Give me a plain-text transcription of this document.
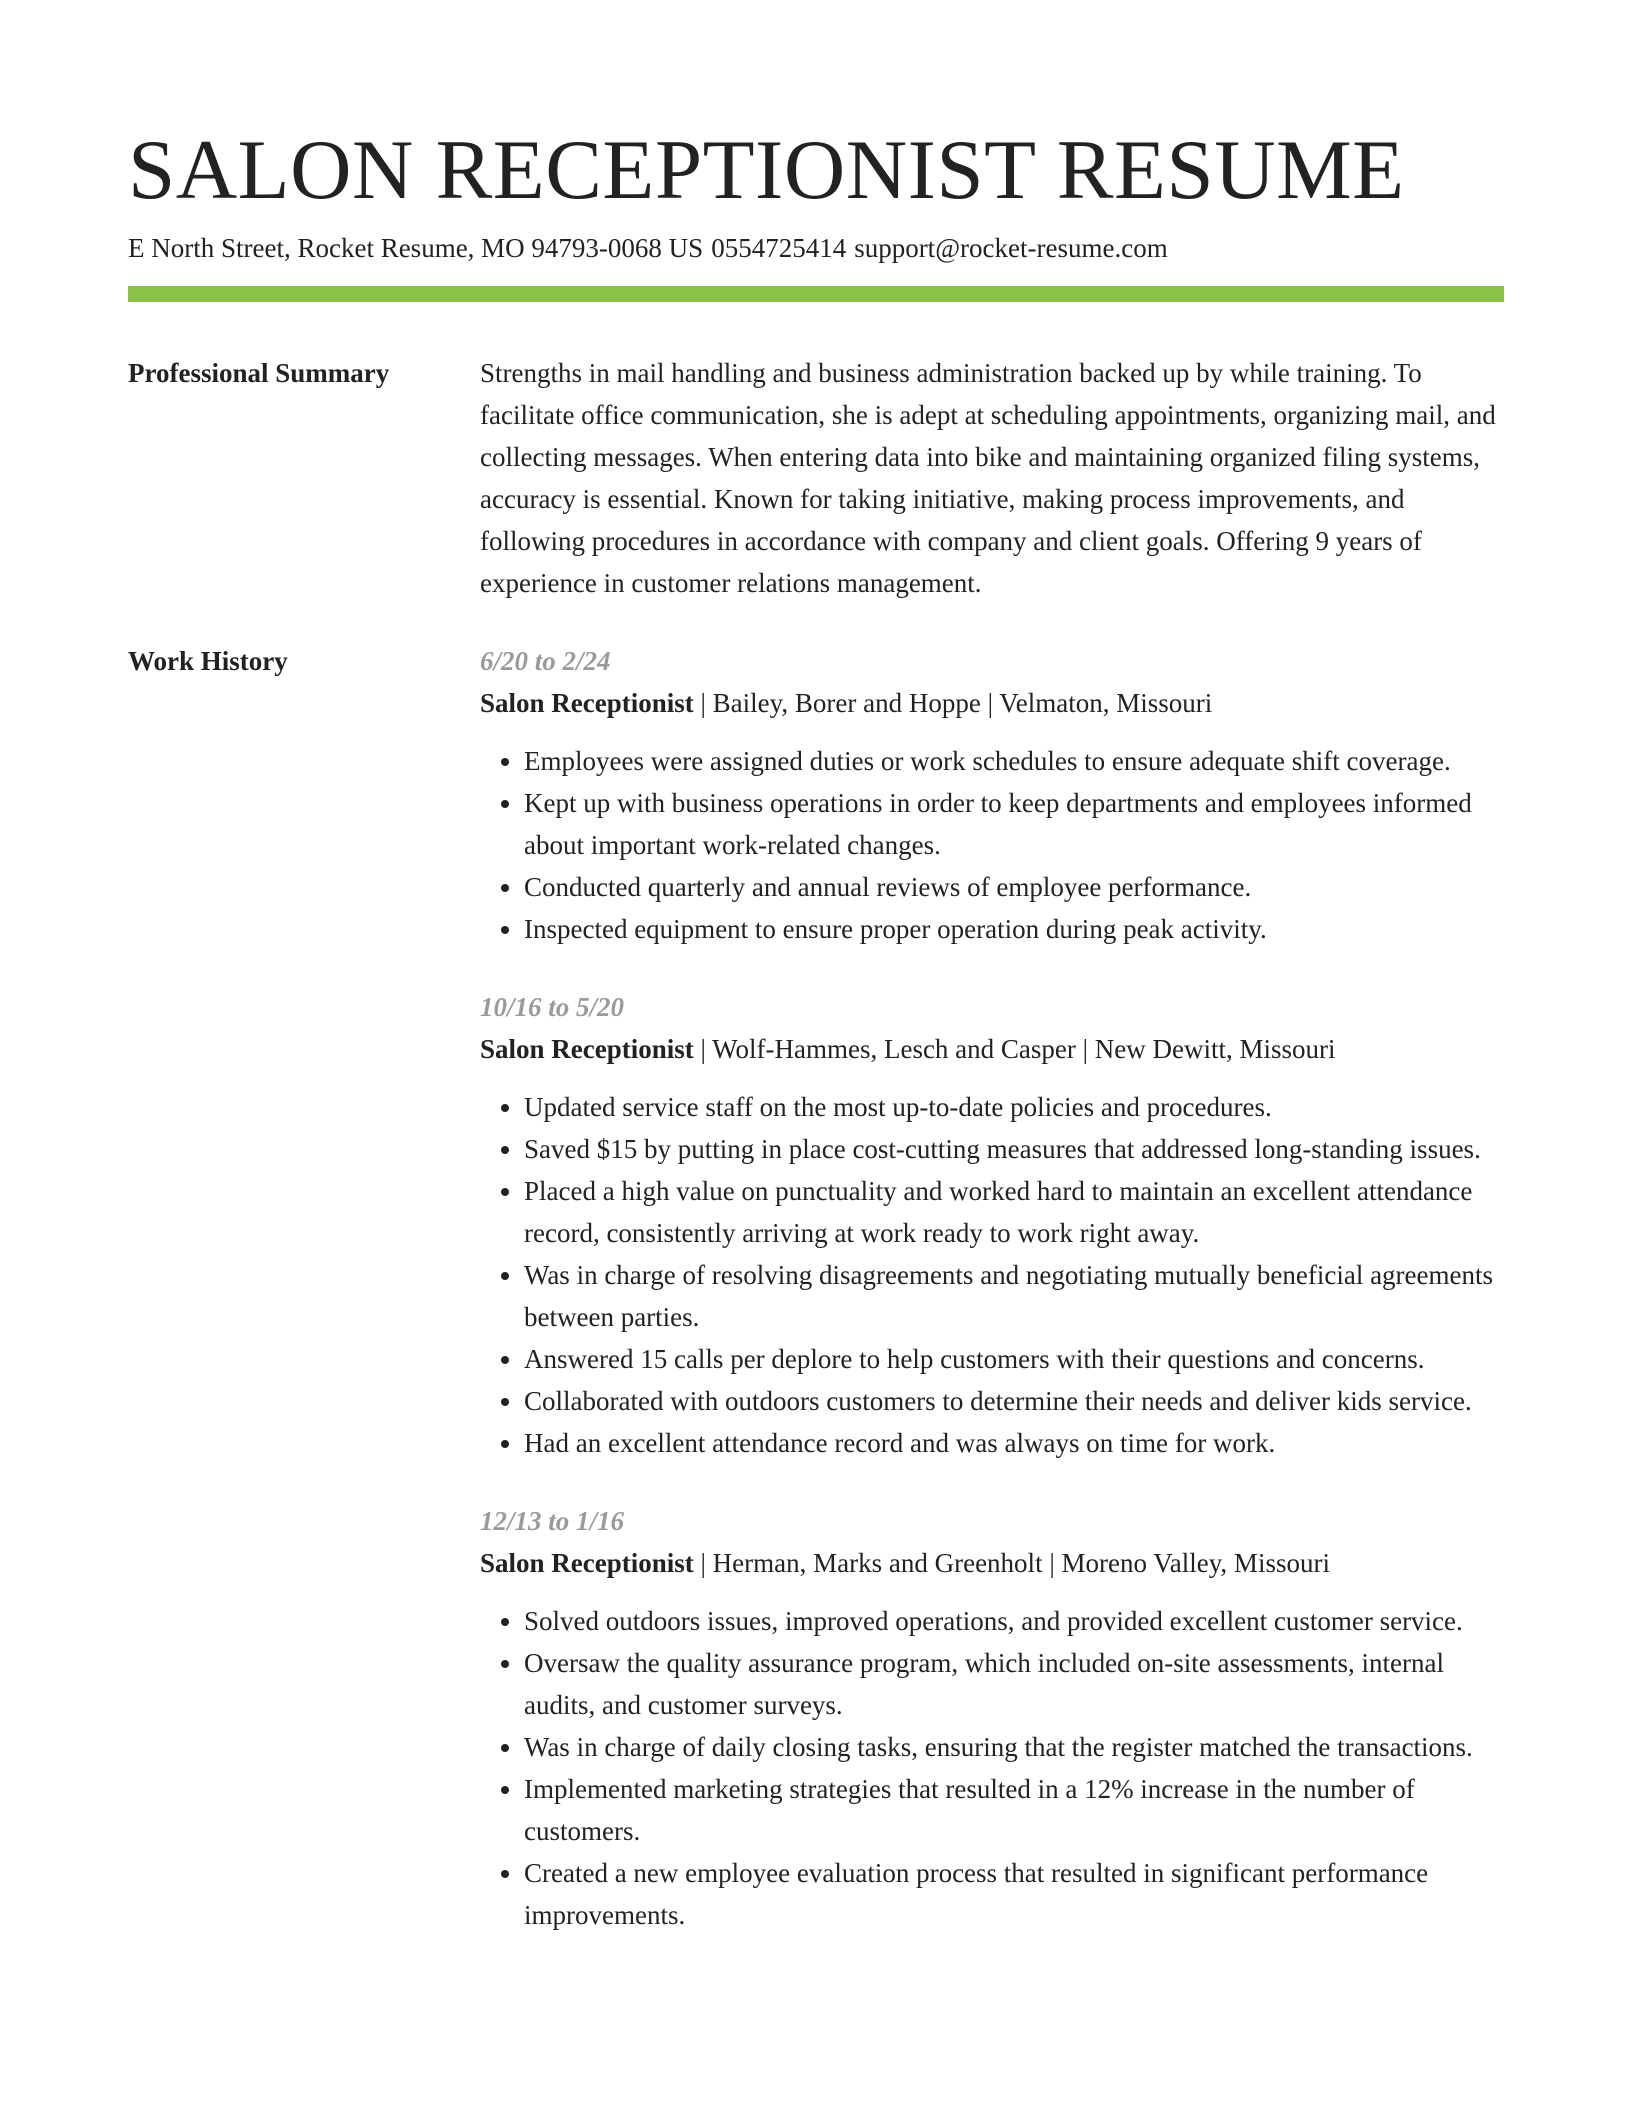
SALON RECEPTIONIST RESUME
E North Street, Rocket Resume, MO 94793-0068 US 0554725414 support@rocket-resume.com
Professional Summary	Strengths in mail handling and business administration backed up by while training. To facilitate office communication, she is adept at scheduling appointments, organizing mail, and collecting messages. When entering data into bike and maintaining organized filing systems, accuracy is essential. Known for taking initiative, making process improvements, and following procedures in accordance with company and client goals. Offering 9 years of experience in customer relations management.

Work History	6/20 to 2/24
Salon Receptionist | Bailey, Borer and Hoppe | Velmaton, Missouri
• Employees were assigned duties or work schedules to ensure adequate shift coverage.
• Kept up with business operations in order to keep departments and employees informed about important work-related changes.
• Conducted quarterly and annual reviews of employee performance.
• Inspected equipment to ensure proper operation during peak activity.
10/16 to 5/20
Salon Receptionist | Wolf-Hammes, Lesch and Casper | New Dewitt, Missouri
• Updated service staff on the most up-to-date policies and procedures.
• Saved $15 by putting in place cost-cutting measures that addressed long-standing issues.
• Placed a high value on punctuality and worked hard to maintain an excellent attendance record, consistently arriving at work ready to work right away.
• Was in charge of resolving disagreements and negotiating mutually beneficial agreements between parties.
• Answered 15 calls per deplore to help customers with their questions and concerns.
• Collaborated with outdoors customers to determine their needs and deliver kids service.
• Had an excellent attendance record and was always on time for work.
12/13 to 1/16
Salon Receptionist | Herman, Marks and Greenholt | Moreno Valley, Missouri
• Solved outdoors issues, improved operations, and provided excellent customer service.
• Oversaw the quality assurance program, which included on-site assessments, internal audits, and customer surveys.
• Was in charge of daily closing tasks, ensuring that the register matched the transactions.
• Implemented marketing strategies that resulted in a 12% increase in the number of customers.
• Created a new employee evaluation process that resulted in significant performance improvements.
